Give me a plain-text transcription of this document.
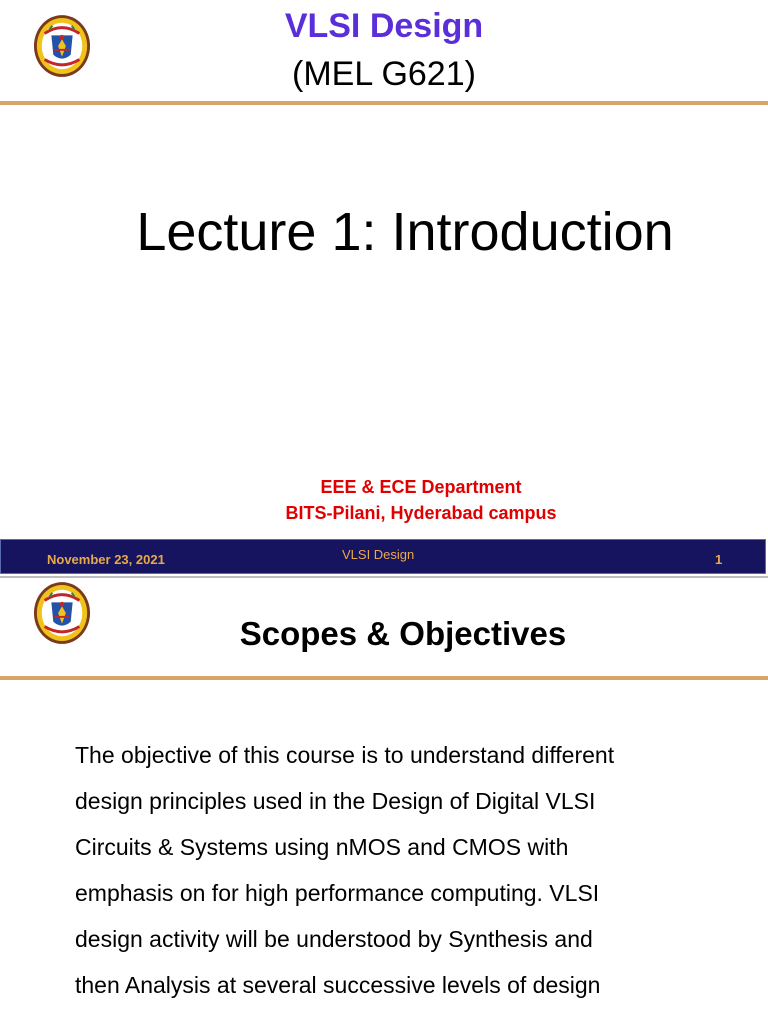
VLSI Design
(MEL G621)
Lecture 1: Introduction
EEE & ECE Department
BITS-Pilani, Hyderabad campus
November 23, 2021	VLSI Design	1
Scopes & Objectives
The objective of this course is to understand different
design principles used in the Design of Digital VLSI
Circuits & Systems using nMOS and CMOS with
emphasis on for high performance computing. VLSI
design activity will be understood by Synthesis and
then Analysis at several successive levels of design
